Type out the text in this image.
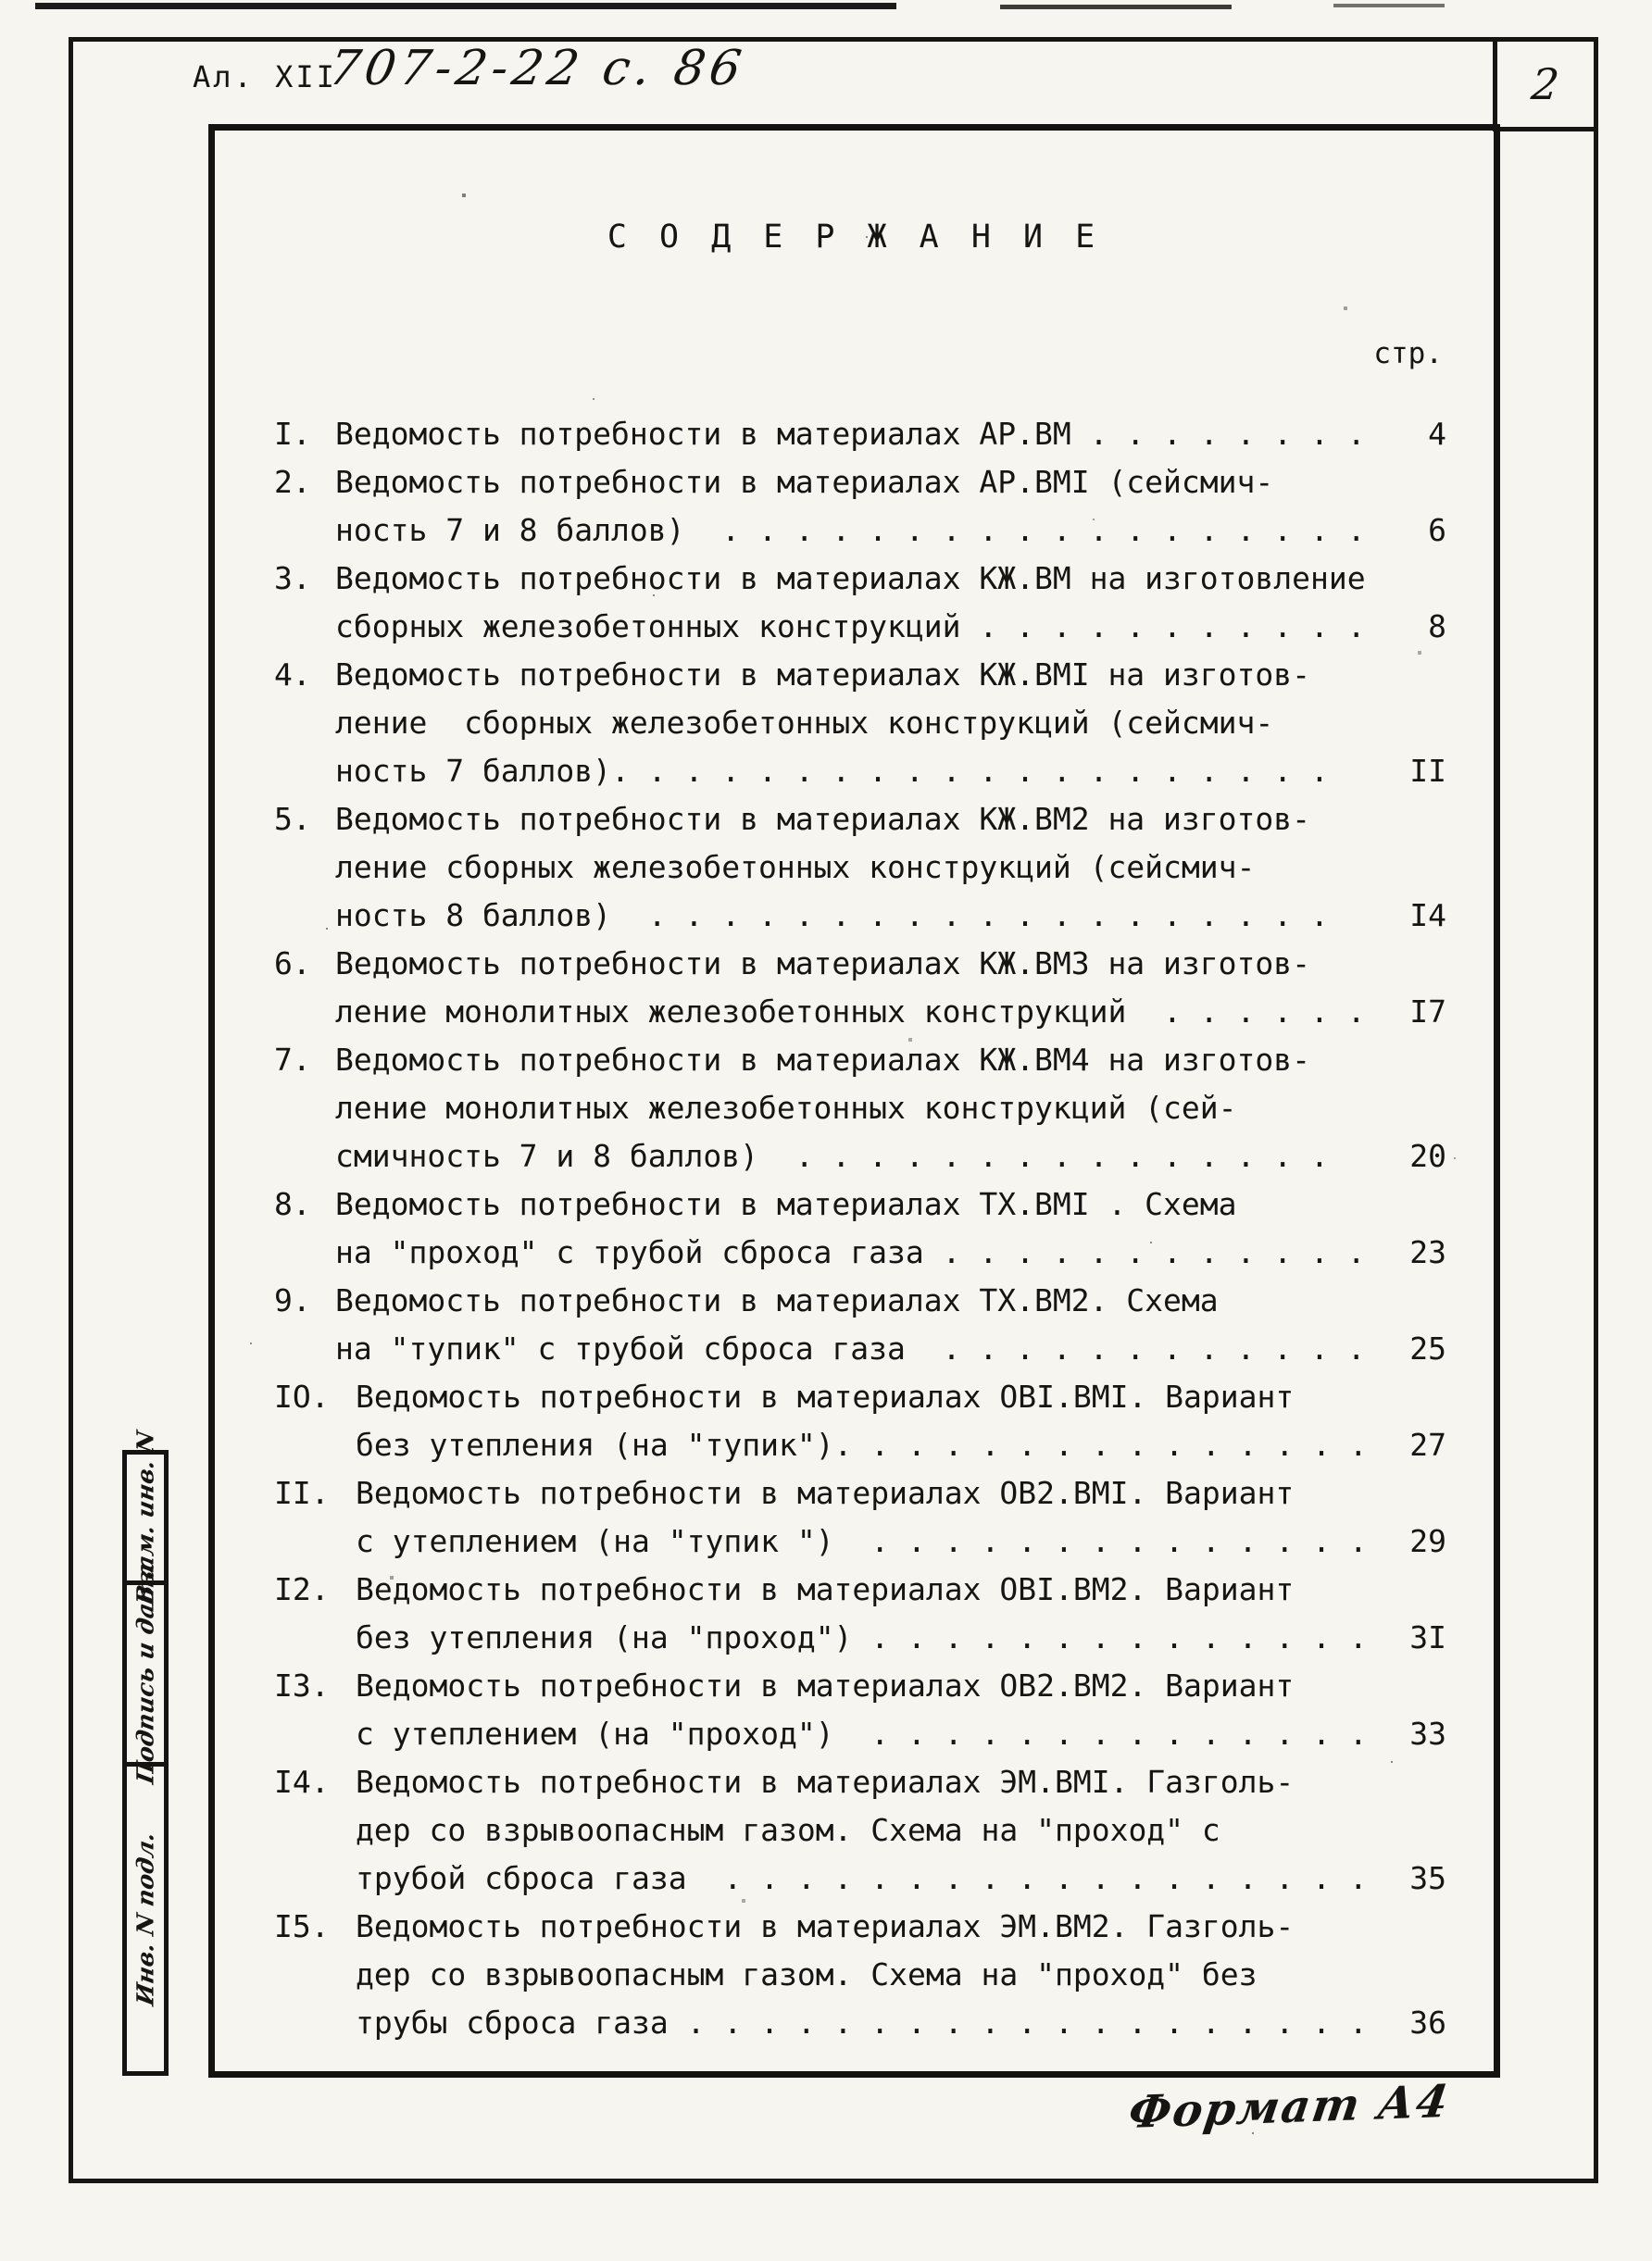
Ал. XII
707-2-22 с. 86	2
С О Д Е Р Ж А Н И Е
стр.
I. Ведомость потребности в материалах АР.ВМ . . . . . . . .	4
2. Ведомость потребности в материалах АР.ВМI (сейсмич-
ность 7 и 8 баллов)  . . . . . . . . . . . . . . . . . .	6
3. Ведомость потребности в материалах КЖ.ВМ на изготовление
сборных железобетонных конструкций . . . . . . . . . . .	8
4. Ведомость потребности в материалах КЖ.ВМI на изготов-
ление  сборных железобетонных конструкций (сейсмич-
ность 7 баллов). . . . . . . . . . . . . . . . . . . .	II
5. Ведомость потребности в материалах КЖ.ВМ2 на изготов-
ление сборных железобетонных конструкций (сейсмич-
ность 8 баллов)  . . . . . . . . . . . . . . . . . . .	I4
6. Ведомость потребности в материалах КЖ.ВМ3 на изготов-
ление монолитных железобетонных конструкций  . . . . . .	I7
7. Ведомость потребности в материалах КЖ.ВМ4 на изготов-
ление монолитных железобетонных конструкций (сей-
смичность 7 и 8 баллов)  . . . . . . . . . . . . . . .	20
8. Ведомость потребности в материалах ТХ.ВМI . Схема
на "проход" с трубой сброса газа . . . . . . . . . . . .	23
9. Ведомость потребности в материалах ТХ.ВМ2. Схема
на "тупик" с трубой сброса газа  . . . . . . . . . . . .	25
IO. Ведомость потребности в материалах ОВI.ВМI. Вариант
без утепления (на "тупик"). . . . . . . . . . . . . . .	27
II. Ведомость потребности в материалах ОВ2.ВМI. Вариант
с утеплением (на "тупик ")  . . . . . . . . . . . . . .	29
I2. Ведомость потребности в материалах ОВI.ВМ2. Вариант
без утепления (на "проход") . . . . . . . . . . . . . .	3I
I3. Ведомость потребности в материалах ОВ2.ВМ2. Вариант
с утеплением (на "проход")  . . . . . . . . . . . . . .	33
I4. Ведомость потребности в материалах ЭМ.ВМI. Газголь-
дер со взрывоопасным газом. Схема на "проход" с
трубой сброса газа  . . . . . . . . . . . . . . . . . .	35
I5. Ведомость потребности в материалах ЭМ.ВМ2. Газголь-
дер со взрывоопасным газом. Схема на "проход" без
трубы сброса газа . . . . . . . . . . . . . . . . . . .	36
Взам. инв. N
Подпись и дата
Инв. N подл.
Формат А4
